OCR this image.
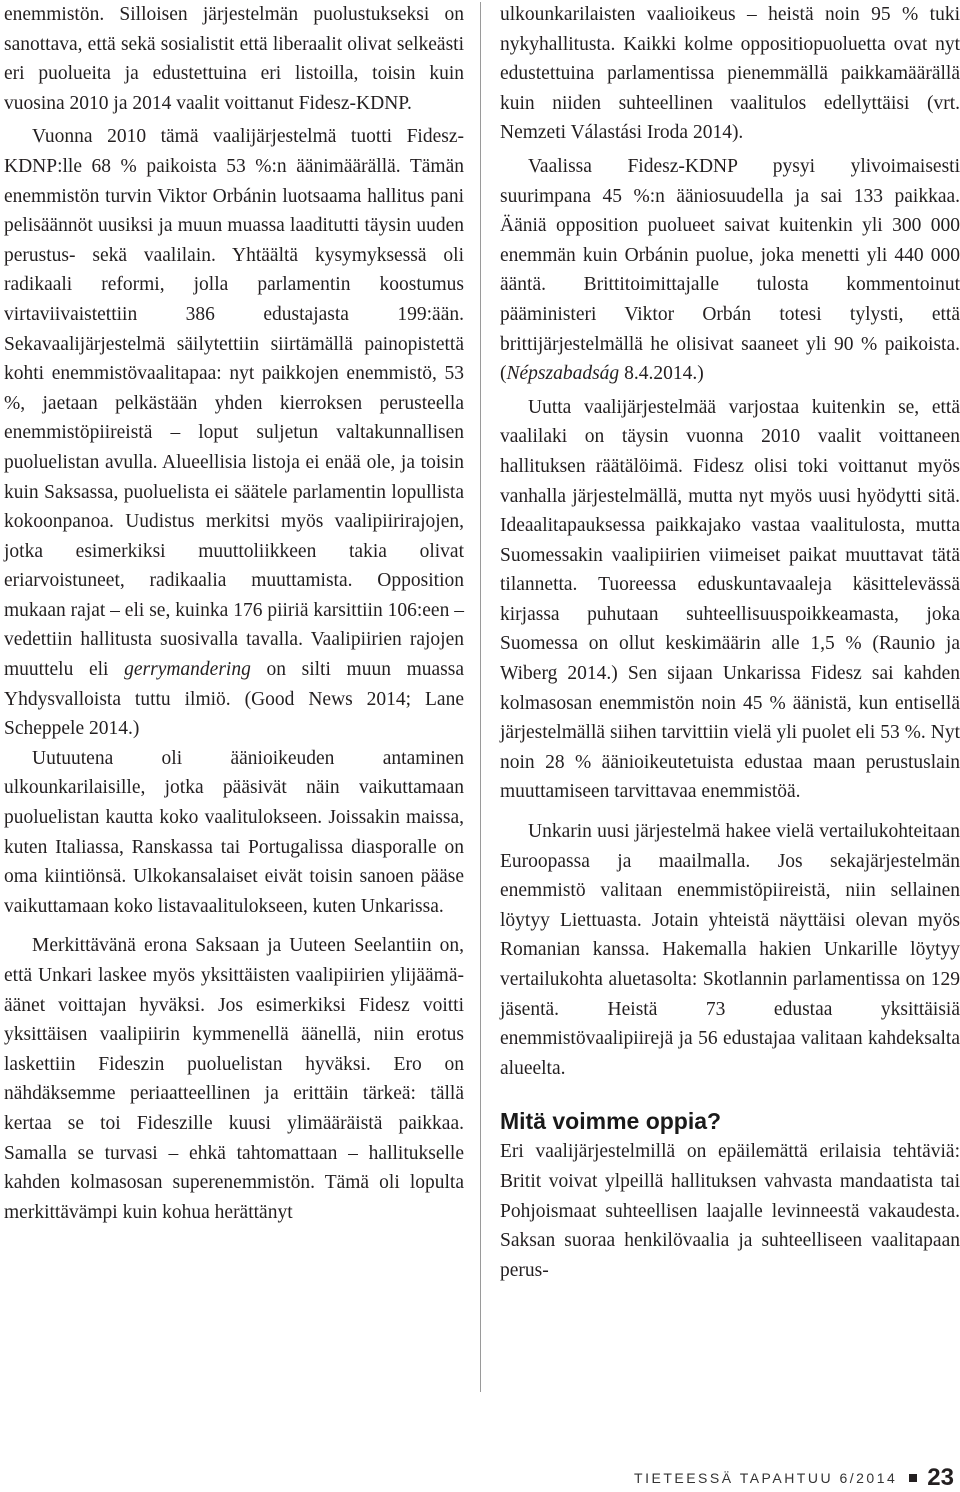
enemmistön. Silloisen järjestelmän puolustukseksi on sanottava, että sekä sosialistit että liberaalit olivat selkeästi eri puolueita ja edustettuina eri listoilla, toisin kuin vuosina 2010 ja 2014 vaalit voittanut Fidesz-KDNP.

Vuonna 2010 tämä vaalijärjestelmä tuotti Fidesz-KDNP:lle 68 % paikoista 53 %:n äänimäärällä. Tämän enemmistön turvin Viktor Orbánin luotsaama hallitus pani pelisäännöt uusiksi ja muun muassa laaditutti täysin uuden perustus- sekä vaalilain. Yhtäältä kysymyksessä oli radikaali reformi, jolla parlamentin koostumus virtaviivaistettiin 386 edustajasta 199:ään. Sekavaalijärjestelmä säilytettiin siirtämällä painopistettä kohti enemmistövaalitapaa: nyt paikkojen enemmistö, 53 %, jaetaan pelkästään yhden kierroksen perusteella enemmistöpiireistä – loput suljetun valtakunnallisen puoluelistan avulla. Alueellisia listoja ei enää ole, ja toisin kuin Saksassa, puoluelista ei säätele parlamentin lopullista kokoonpanoa. Uudistus merkitsi myös vaalipiirirajojen, jotka esimerkiksi muuttoliikkeen takia olivat eriarvoistuneet, radikaalia muuttamista. Opposition mukaan rajat – eli se, kuinka 176 piiriä karsittiin 106:een – vedettiin hallitusta suosivalla tavalla. Vaalipiirien rajojen muuttelu eli gerrymandering on silti muun muassa Yhdysvalloista tuttu ilmiö. (Good News 2014; Lane Scheppele 2014.)

Uutuutena oli äänioikeuden antaminen ulkounkarilaisille, jotka pääsivät näin vaikuttamaan puoluelistan kautta koko vaalitulokseen. Joissakin maissa, kuten Italiassa, Ranskassa tai Portugalissa diasporalle on oma kiintiönsä. Ulkokansalaiset eivät toisin sanoen pääse vaikuttamaan koko listavaalitulokseen, kuten Unkarissa.

Merkittävänä erona Saksaan ja Uuteen Seelantiin on, että Unkari laskee myös yksittäisten vaalipiirien ylijäämä-äänet voittajan hyväksi. Jos esimerkiksi Fidesz voitti yksittäisen vaalipiirin kymmenellä äänellä, niin erotus laskettiin Fideszin puoluelistan hyväksi. Ero on nähdäksemme periaatteellinen ja erittäin tärkeä: tällä kertaa se toi Fideszille kuusi ylimääräistä paikkaa. Samalla se turvasi – ehkä tahtomattaan – hallitukselle kahden kolmasosan superenemmistön. Tämä oli lopulta merkittävämpi kuin kohua herättänyt

ulkounkarilaisten vaalioikeus – heistä noin 95 % tuki nykyhallitusta. Kaikki kolme oppositiopuoluetta ovat nyt edustettuina parlamentissa pienemmällä paikkamäärällä kuin niiden suhteellinen vaalitulos edellyttäisi (vrt. Nemzeti Válastási Iroda 2014).

Vaalissa Fidesz-KDNP pysyi ylivoimaisesti suurimpana 45 %:n ääniosuudella ja sai 133 paikkaa. Ääniä opposition puolueet saivat kuitenkin yli 300 000 enemmän kuin Orbánin puolue, joka menetti yli 440 000 ääntä. Brittitoimittajalle tulosta kommentoinut pääministeri Viktor Orbán totesi tylysti, että brittijärjestelmällä he olisivat saaneet yli 90 % paikoista. (Népszabadság 8.4.2014.)

Uutta vaalijärjestelmää varjostaa kuitenkin se, että vaalilaki on täysin vuonna 2010 vaalit voittaneen hallituksen räätälöimä. Fidesz olisi toki voittanut myös vanhalla järjestelmällä, mutta nyt myös uusi hyödytti sitä. Ideaalitapauksessa paikkajako vastaa vaalitulosta, mutta Suomessakin vaalipiirien viimeiset paikat muuttavat tätä tilannetta. Tuoreessa eduskuntavaaleja käsittelevässä kirjassa puhutaan suhteellisuuspoikkeamasta, joka Suomessa on ollut keskimäärin alle 1,5 % (Raunio ja Wiberg 2014.) Sen sijaan Unkarissa Fidesz sai kahden kolmasosan enemmistön noin 45 % äänistä, kun entisellä järjestelmällä siihen tarvittiin vielä yli puolet eli 53 %. Nyt noin 28 % äänioikeutetuista edustaa maan perustuslain muuttamiseen tarvittavaa enemmistöä.

Unkarin uusi järjestelmä hakee vielä vertailukohteitaan Euroopassa ja maailmalla. Jos sekajärjestelmän enemmistö valitaan enemmistöpiireistä, niin sellainen löytyy Liettuasta. Jotain yhteistä näyttäisi olevan myös Romanian kanssa. Hakemalla hakien Unkarille löytyy vertailukohta aluetasolta: Skotlannin parlamentissa on 129 jäsentä. Heistä 73 edustaa yksittäisiä enemmistövaalipiirejä ja 56 edustajaa valitaan kahdeksalta alueelta.

Mitä voimme oppia?

Eri vaalijärjestelmillä on epäilemättä erilaisia tehtäviä: Britit voivat ylpeillä hallituksen vahvasta mandaatista tai Pohjoismaat suhteellisen laajalle levinneestä vakaudesta. Saksan suoraa henkilövaalia ja suhteelliseen vaalitapaan perus-

TIETEESSÄ TAPAHTUU 6/2014 23
